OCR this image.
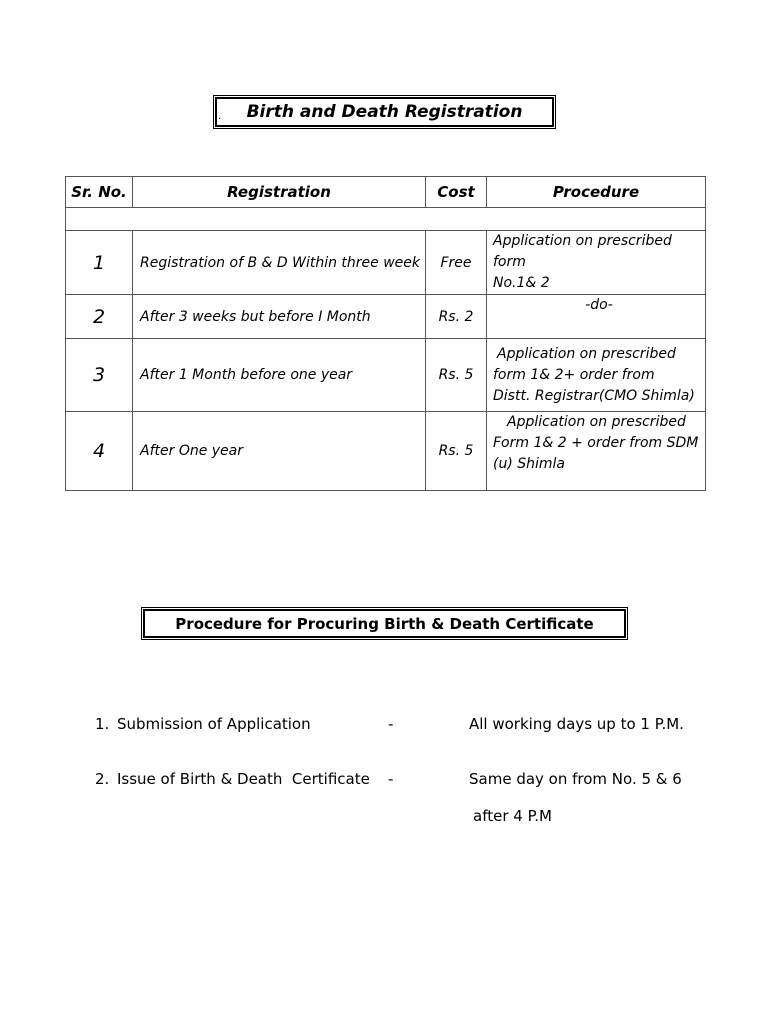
. Birth and Death Registration
Sr. No.	Registration	Cost	Procedure

1	Registration of B & D Within three week	Free	Application on prescribed form
No.1& 2

2	After 3 weeks but before I Month	Rs. 2	-do-

3	After 1 Month before one year	Rs. 5	Application on prescribed
form 1& 2+ order from
Distt. Registrar(CMO Shimla)

4	After One year	Rs. 5	Application on prescribed
Form 1& 2 + order from SDM
(u) Shimla
Procedure for Procuring Birth & Death Certificate
1. Submission of Application	-	All working days up to 1 P.M.
2. Issue of Birth & Death  Certificate -	Same day on from No. 5 & 6
after 4 P.M
